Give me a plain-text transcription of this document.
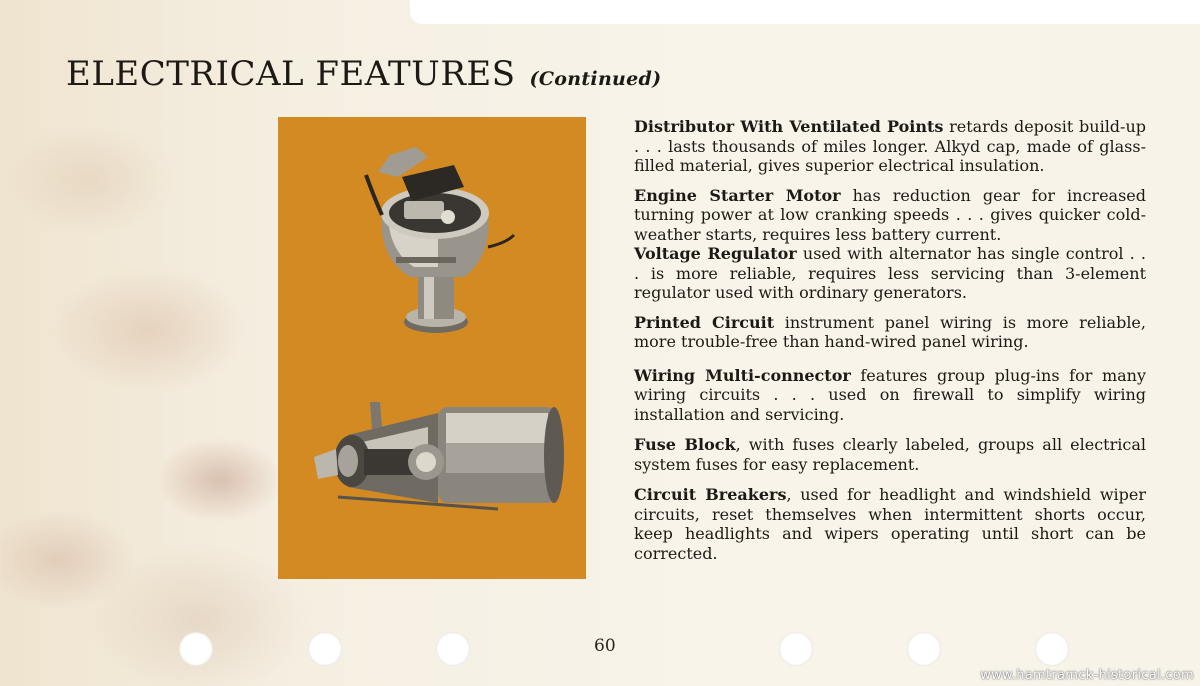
ELECTRICAL FEATURES (Continued)

Distributor With Ventilated Points retards deposit build-up . . . lasts thousands of miles longer. Alkyd cap, made of glass-filled material, gives superior electrical insulation.

Engine Starter Motor has reduction gear for increased turning power at low cranking speeds . . . gives quicker cold-weather starts, requires less battery current.

Voltage Regulator used with alternator has single control . . . is more reliable, requires less servicing than 3-element regulator used with ordinary generators.

Printed Circuit instrument panel wiring is more reliable, more trouble-free than hand-wired panel wiring.

Wiring Multi-connector features group plug-ins for many wiring circuits . . . used on firewall to simplify wiring installation and servicing.

Fuse Block, with fuses clearly labeled, groups all electrical system fuses for easy replacement.

Circuit Breakers, used for headlight and windshield wiper circuits, reset themselves when intermittent shorts occur, keep headlights and wipers operating until short can be corrected.

60
www.hamtramck-historical.com
